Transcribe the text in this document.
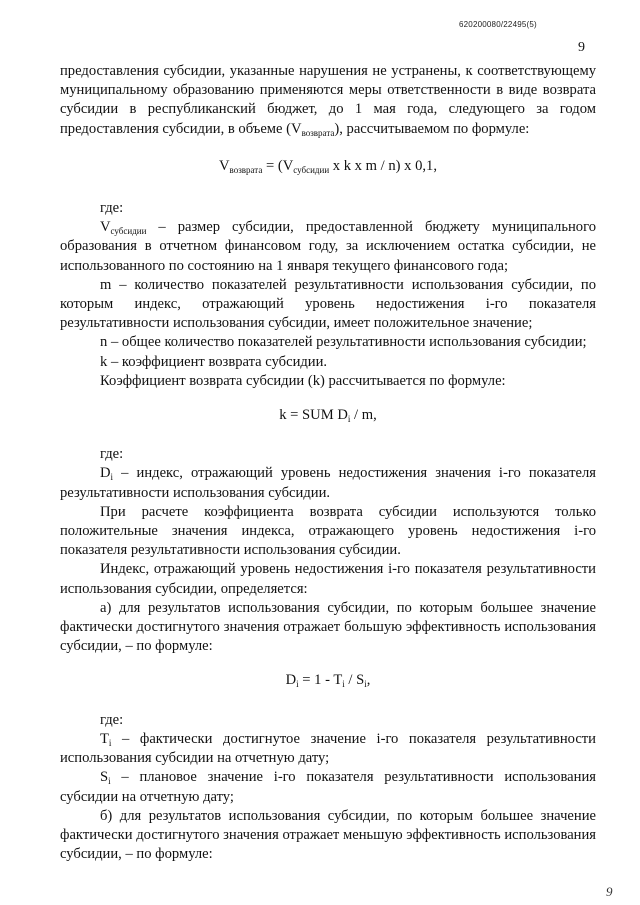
620200080/22495(5)
9

предоставления субсидии, указанные нарушения не устранены, к соответствующему муниципальному образованию применяются меры ответственности в виде возврата субсидии в республиканский бюджет, до 1 мая года, следующего за годом предоставления субсидии, в объеме $(V_{возврата})$, рассчитываемом по формуле:

$V_{возврата} = (V_{субсидии}$ x k x m / n) x 0,1,

где:

$V_{субсидии}$ – размер субсидии, предоставленной бюджету муниципального образования в отчетном финансовом году, за исключением остатка субсидии, не использованного по состоянию на 1 января текущего финансового года;

m – количество показателей результативности использования субсидии, по которым индекс, отражающий уровень недостижения i-го показателя результативности использования субсидии, имеет положительное значение;

n – общее количество показателей результативности использования субсидии;

k – коэффициент возврата субсидии.

Коэффициент возврата субсидии (k) рассчитывается по формуле:

k = SUM $D_i$ / m,

где:

$D_i$ – индекс, отражающий уровень недостижения значения i-го показателя результативности использования субсидии.

При расчете коэффициента возврата субсидии используются только положительные значения индекса, отражающего уровень недостижения i-го показателя результативности использования субсидии.

Индекс, отражающий уровень недостижения i-го показателя результативности использования субсидии, определяется:

а) для результатов использования субсидии, по которым большее значение фактически достигнутого значения отражает большую эффективность использования субсидии, – по формуле:

$D_i = 1 - T_i / S_i$,

где:

$T_i$ – фактически достигнутое значение i-го показателя результативности использования субсидии на отчетную дату;

$S_i$ – плановое значение i-го показателя результативности использования субсидии на отчетную дату;

б) для результатов использования субсидии, по которым большее значение фактически достигнутого значения отражает меньшую эффективность использования субсидии, – по формуле:

9
